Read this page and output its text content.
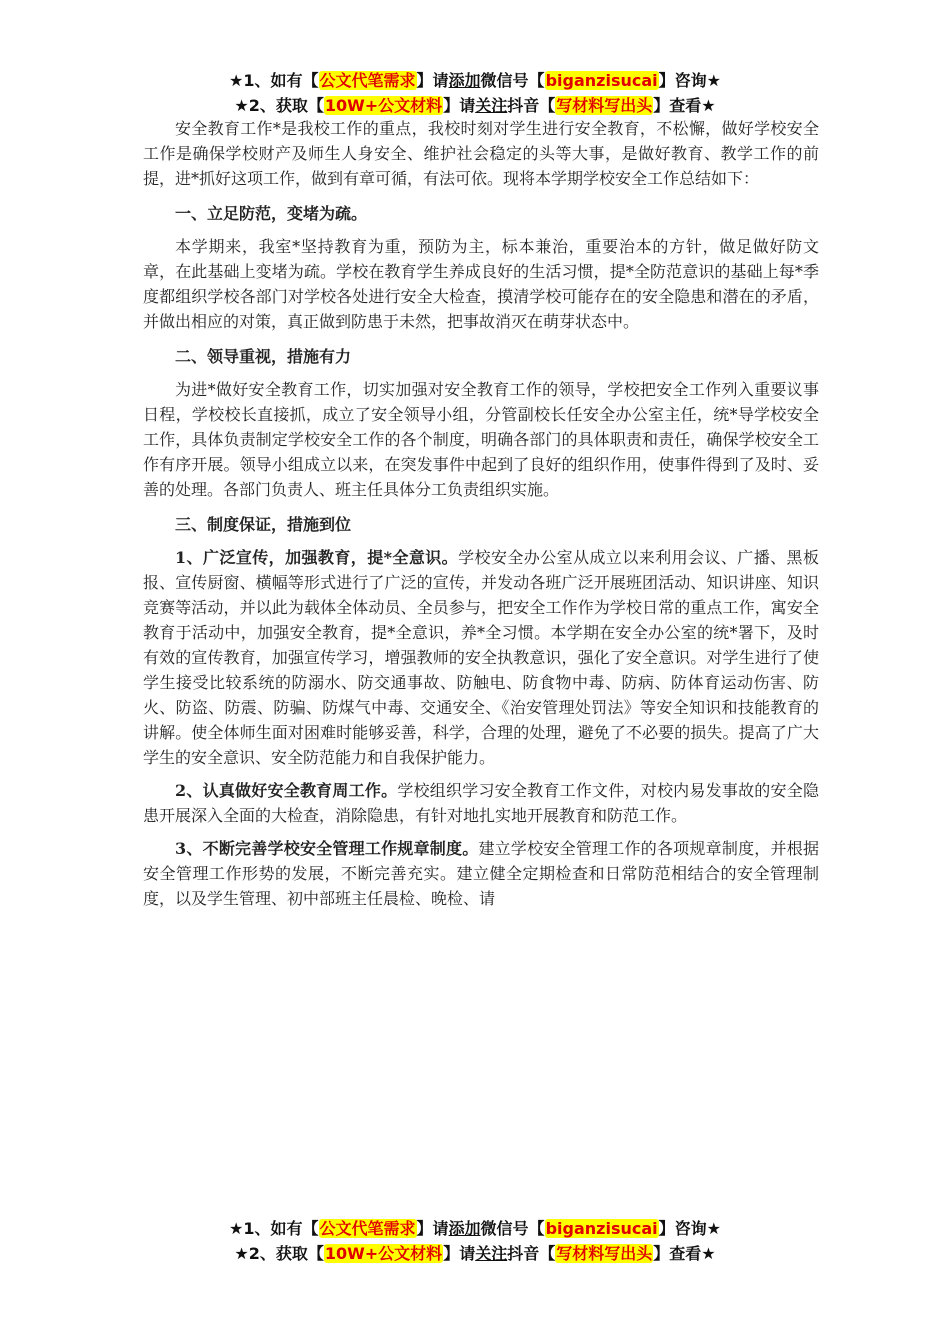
★1、如有【公文代笔需求】请添加微信号【biganzisucai】咨询★
★2、获取【10W+公文材料】请关注抖音【写材料写出头】查看★

安全教育工作*是我校工作的重点，我校时刻对学生进行安全教育，不松懈，做好学校安全工作是确保学校财产及师生人身安全、维护社会稳定的头等大事，是做好教育、教学工作的前提，进*抓好这项工作，做到有章可循，有法可依。现将本学期学校安全工作总结如下：

一、立足防范，变堵为疏。

本学期来，我室*坚持教育为重，预防为主，标本兼治，重要治本的方针，做足做好防文章，在此基础上变堵为疏。学校在教育学生养成良好的生活习惯，提*全防范意识的基础上每*季度都组织学校各部门对学校各处进行安全大检查，摸清学校可能存在的安全隐患和潜在的矛盾，并做出相应的对策，真正做到防患于未然，把事故消灭在萌芽状态中。

二、领导重视，措施有力

为进*做好安全教育工作，切实加强对安全教育工作的领导，学校把安全工作列入重要议事日程，学校校长直接抓，成立了安全领导小组，分管副校长任安全办公室主任，统*导学校安全工作，具体负责制定学校安全工作的各个制度，明确各部门的具体职责和责任，确保学校安全工作有序开展。领导小组成立以来，在突发事件中起到了良好的组织作用，使事件得到了及时、妥善的处理。各部门负责人、班主任具体分工负责组织实施。

三、制度保证，措施到位

1、广泛宣传，加强教育，提*全意识。学校安全办公室从成立以来利用会议、广播、黑板报、宣传厨窗、横幅等形式进行了广泛的宣传，并发动各班广泛开展班团活动、知识讲座、知识竞赛等活动，并以此为载体全体动员、全员参与，把安全工作作为学校日常的重点工作，寓安全教育于活动中，加强安全教育，提*全意识，养*全习惯。本学期在安全办公室的统*署下，及时有效的宣传教育，加强宣传学习，增强教师的安全执教意识，强化了安全意识。对学生进行了使学生接受比较系统的防溺水、防交通事故、防触电、防食物中毒、防病、防体育运动伤害、防火、防盗、防震、防骗、防煤气中毒、交通安全、《治安管理处罚法》等安全知识和技能教育的讲解。使全体师生面对困难时能够妥善，科学，合理的处理，避免了不必要的损失。提高了广大学生的安全意识、安全防范能力和自我保护能力。

2、认真做好安全教育周工作。学校组织学习安全教育工作文件，对校内易发事故的安全隐患开展深入全面的大检查，消除隐患，有针对地扎实地开展教育和防范工作。

3、不断完善学校安全管理工作规章制度。建立学校安全管理工作的各项规章制度，并根据安全管理工作形势的发展，不断完善充实。建立健全定期检查和日常防范相结合的安全管理制度，以及学生管理、初中部班主任晨检、晚检、请

★1、如有【公文代笔需求】请添加微信号【biganzisucai】咨询★
★2、获取【10W+公文材料】请关注抖音【写材料写出头】查看★
